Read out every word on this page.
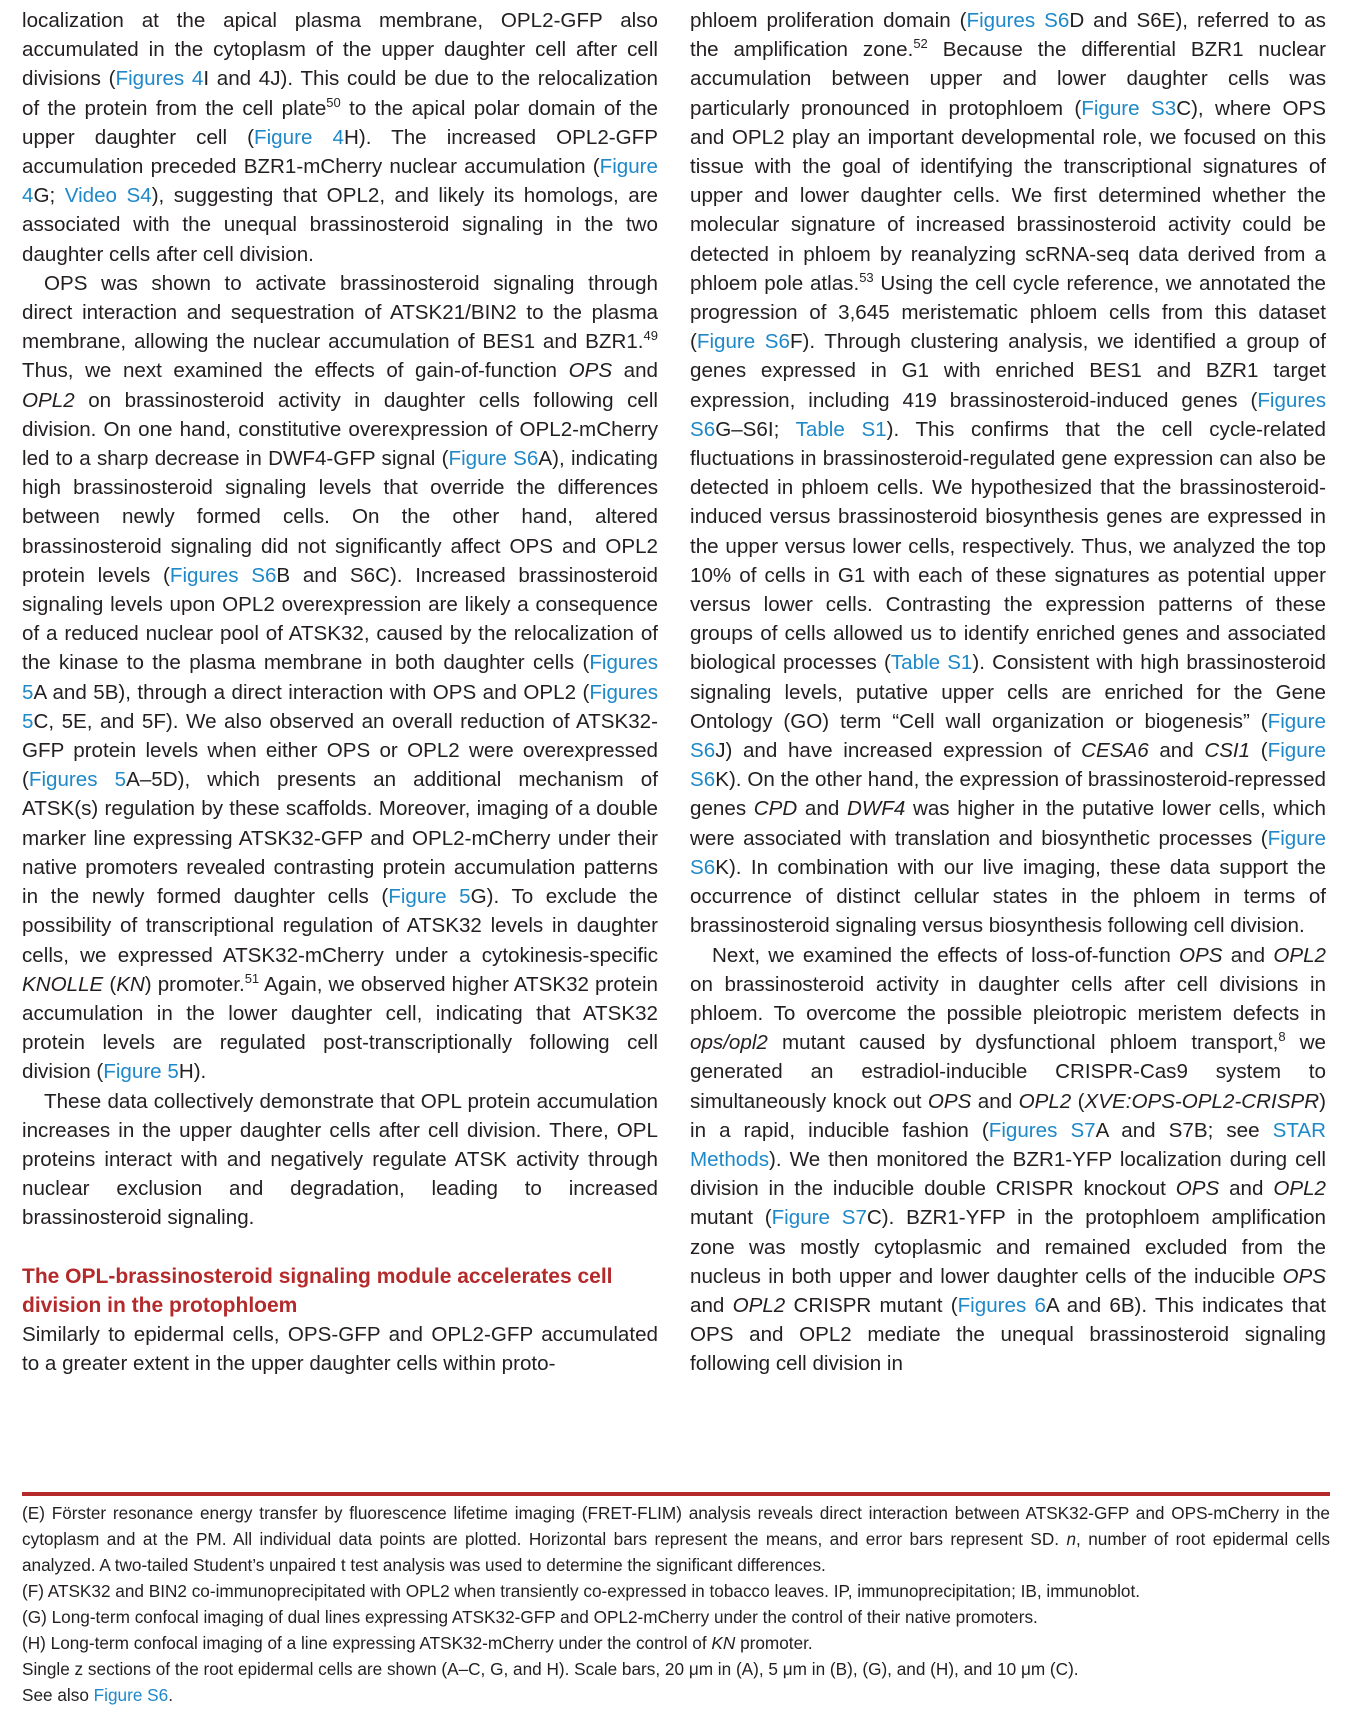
localization at the apical plasma membrane, OPL2-GFP also accumulated in the cytoplasm of the upper daughter cell after cell divisions (Figures 4I and 4J). This could be due to the relocalization of the protein from the cell plate$^{50}$ to the apical polar domain of the upper daughter cell (Figure 4H). The increased OPL2-GFP accumulation preceded BZR1-mCherry nuclear accumulation (Figure 4G; Video S4), suggesting that OPL2, and likely its homologs, are associated with the unequal brassinosteroid signaling in the two daughter cells after cell division.

OPS was shown to activate brassinosteroid signaling through direct interaction and sequestration of ATSK21/BIN2 to the plasma membrane, allowing the nuclear accumulation of BES1 and BZR1.49 Thus, we next examined the effects of gain-of-function OPS and OPL2 on brassinosteroid activity in daughter cells following cell division. On one hand, constitutive overexpression of OPL2-mCherry led to a sharp decrease in DWF4-GFP signal (Figure S6A), indicating high brassinosteroid signaling levels that override the differences between newly formed cells. On the other hand, altered brassinosteroid signaling did not significantly affect OPS and OPL2 protein levels (Figures S6B and S6C). Increased brassinosteroid signaling levels upon OPL2 overexpression are likely a consequence of a reduced nuclear pool of ATSK32, caused by the relocalization of the kinase to the plasma membrane in both daughter cells (Figures 5A and 5B), through a direct interaction with OPS and OPL2 (Figures 5C, 5E, and 5F). We also observed an overall reduction of ATSK32-GFP protein levels when either OPS or OPL2 were overexpressed (Figures 5A–5D), which presents an additional mechanism of ATSK(s) regulation by these scaffolds. Moreover, imaging of a double marker line expressing ATSK32-GFP and OPL2-mCherry under their native promoters revealed contrasting protein accumulation patterns in the newly formed daughter cells (Figure 5G). To exclude the possibility of transcriptional regulation of ATSK32 levels in daughter cells, we expressed ATSK32-mCherry under a cytokinesis-specific KNOLLE (KN) promoter.$^{51}$ Again, we observed higher ATSK32 protein accumulation in the lower daughter cell, indicating that ATSK32 protein levels are regulated post-transcriptionally following cell division (Figure 5H).

These data collectively demonstrate that OPL protein accumulation increases in the upper daughter cells after cell division. There, OPL proteins interact with and negatively regulate ATSK activity through nuclear exclusion and degradation, leading to increased brassinosteroid signaling.

The OPL-brassinosteroid signaling module accelerates cell division in the protophloem

Similarly to epidermal cells, OPS-GFP and OPL2-GFP accumulated to a greater extent in the upper daughter cells within proto-

phloem proliferation domain (Figures S6D and S6E), referred to as the amplification zone.$^{52}$ Because the differential BZR1 nuclear accumulation between upper and lower daughter cells was particularly pronounced in protophloem (Figure S3C), where OPS and OPL2 play an important developmental role, we focused on this tissue with the goal of identifying the transcriptional signatures of upper and lower daughter cells. We first determined whether the molecular signature of increased brassinosteroid activity could be detected in phloem by reanalyzing scRNA-seq data derived from a phloem pole atlas.$^{53}$ Using the cell cycle reference, we annotated the progression of 3,645 meristematic phloem cells from this dataset (Figure S6F). Through clustering analysis, we identified a group of genes expressed in G1 with enriched BES1 and BZR1 target expression, including 419 brassinosteroid-induced genes (Figures S6G–S6I; Table S1). This confirms that the cell cycle-related fluctuations in brassinosteroid-regulated gene expression can also be detected in phloem cells. We hypothesized that the brassinosteroid-induced versus brassinosteroid biosynthesis genes are expressed in the upper versus lower cells, respectively. Thus, we analyzed the top 10% of cells in G1 with each of these signatures as potential upper versus lower cells. Contrasting the expression patterns of these groups of cells allowed us to identify enriched genes and associated biological processes (Table S1). Consistent with high brassinosteroid signaling levels, putative upper cells are enriched for the Gene Ontology (GO) term “Cell wall organization or biogenesis” (Figure S6J) and have increased expression of CESA6 and CSI1 (Figure S6K). On the other hand, the expression of brassinosteroid-repressed genes CPD and DWF4 was higher in the putative lower cells, which were associated with translation and biosynthetic processes (Figure S6K). In combination with our live imaging, these data support the occurrence of distinct cellular states in the phloem in terms of brassinosteroid signaling versus biosynthesis following cell division.

Next, we examined the effects of loss-of-function OPS and OPL2 on brassinosteroid activity in daughter cells after cell divisions in phloem. To overcome the possible pleiotropic meristem defects in ops/opl2 mutant caused by dysfunctional phloem transport,$^8$ we generated an estradiol-inducible CRISPR-Cas9 system to simultaneously knock out OPS and OPL2 (XVE:OPS-OPL2-CRISPR) in a rapid, inducible fashion (Figures S7A and S7B; see STAR Methods). We then monitored the BZR1-YFP localization during cell division in the inducible double CRISPR knockout OPS and OPL2 mutant (Figure S7C). BZR1-YFP in the protophloem amplification zone was mostly cytoplasmic and remained excluded from the nucleus in both upper and lower daughter cells of the inducible OPS and OPL2 CRISPR mutant (Figures 6A and 6B). This indicates that OPS and OPL2 mediate the unequal brassinosteroid signaling following cell division in

(E) Förster resonance energy transfer by fluorescence lifetime imaging (FRET-FLIM) analysis reveals direct interaction between ATSK32-GFP and OPS-mCherry in the cytoplasm and at the PM. All individual data points are plotted. Horizontal bars represent the means, and error bars represent SD. n, number of root epidermal cells analyzed. A two-tailed Student’s unpaired t test analysis was used to determine the significant differences.

(F) ATSK32 and BIN2 co-immunoprecipitated with OPL2 when transiently co-expressed in tobacco leaves. IP, immunoprecipitation; IB, immunoblot.

(G) Long-term confocal imaging of dual lines expressing ATSK32-GFP and OPL2-mCherry under the control of their native promoters.

(H) Long-term confocal imaging of a line expressing ATSK32-mCherry under the control of KN promoter.

Single z sections of the root epidermal cells are shown (A–C, G, and H). Scale bars, 20 μm in (A), 5 μm in (B), (G), and (H), and 10 μm (C).

See also Figure S6.
